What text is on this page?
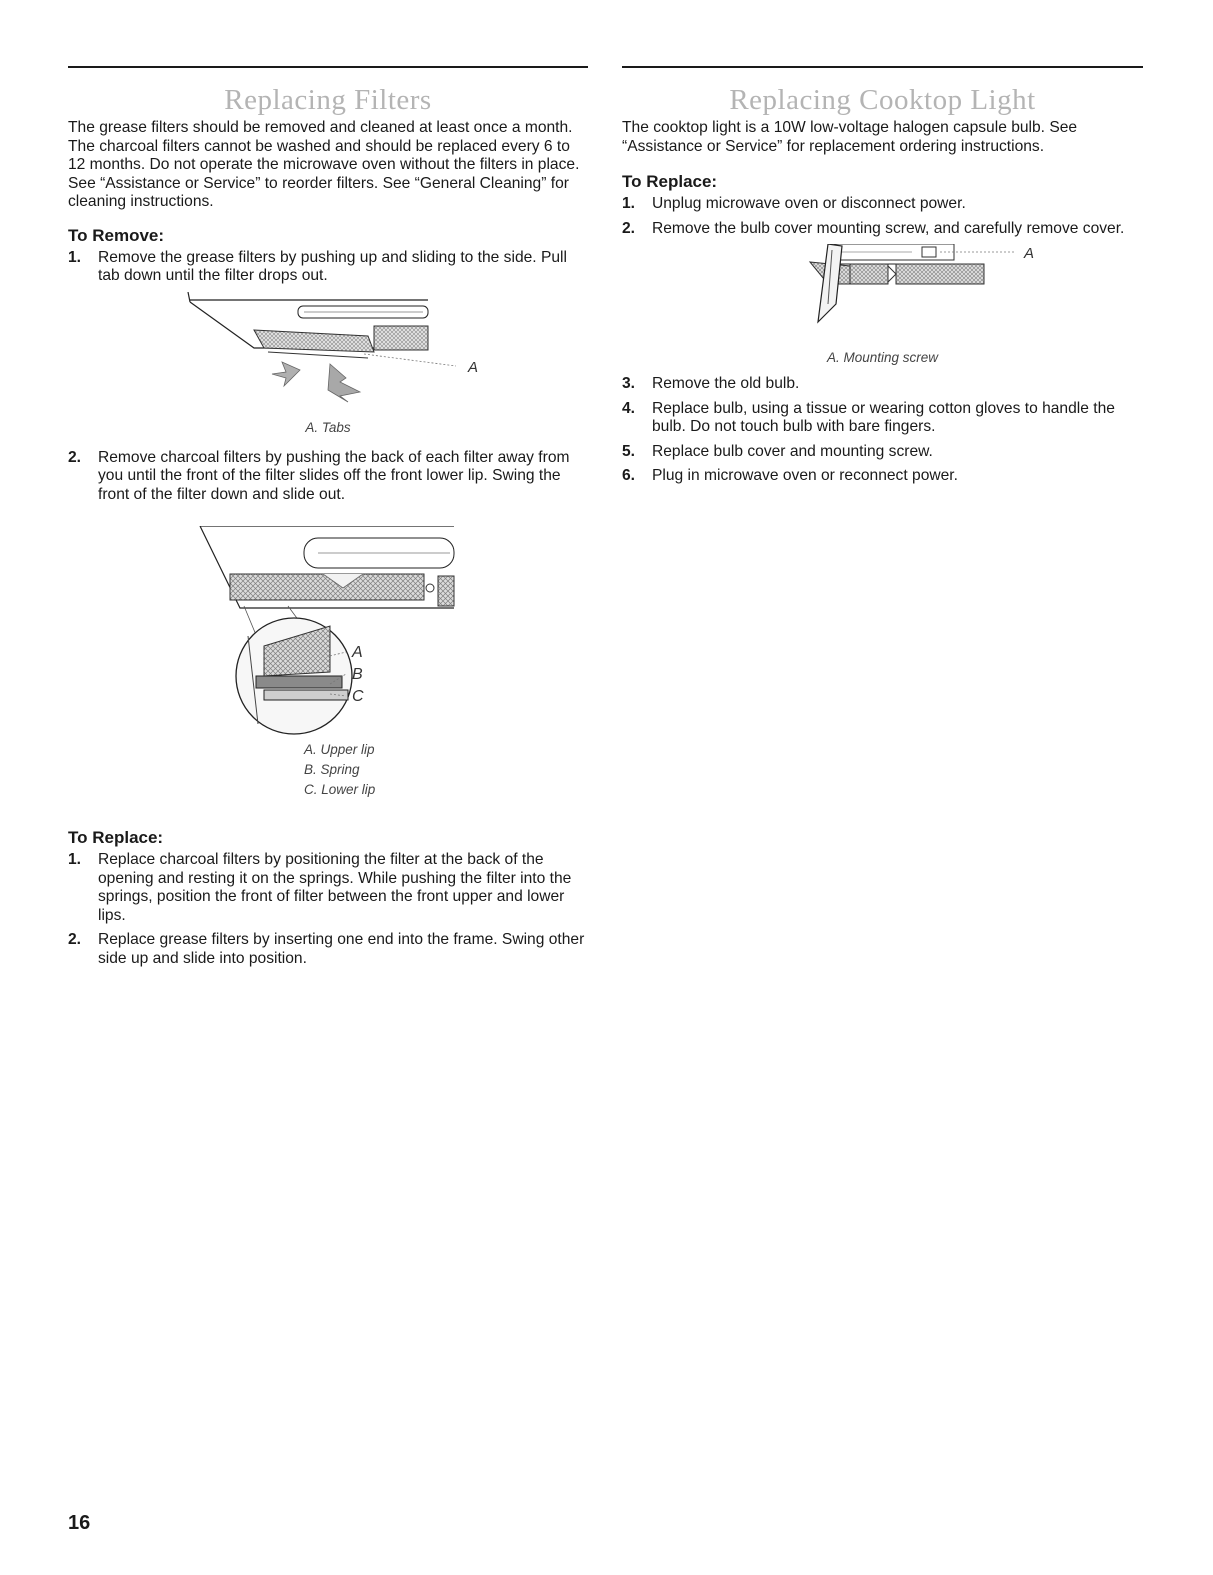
Replacing Filters

The grease filters should be removed and cleaned at least once a month. The charcoal filters cannot be washed and should be replaced every 6 to 12 months. Do not operate the microwave oven without the filters in place. See “Assistance or Service” to reorder filters. See “General Cleaning” for cleaning instructions.

To Remove:
1. Remove the grease filters by pushing up and sliding to the side. Pull tab down until the filter drops out.
A
A. Tabs
2. Remove charcoal filters by pushing the back of each filter away from you until the front of the filter slides off the front lower lip. Swing the front of the filter down and slide out.
A
B
C
A. Upper lip
B. Spring
C. Lower lip
To Replace:
1. Replace charcoal filters by positioning the filter at the back of the opening and resting it on the springs. While pushing the filter into the springs, position the front of filter between the front upper and lower lips.
2. Replace grease filters by inserting one end into the frame. Swing other side up and slide into position.
Replacing Cooktop Light

The cooktop light is a 10W low-voltage halogen capsule bulb. See “Assistance or Service” for replacement ordering instructions.

To Replace:
1. Unplug microwave oven or disconnect power.
2. Remove the bulb cover mounting screw, and carefully remove cover.
A
A. Mounting screw
3. Remove the old bulb.
4. Replace bulb, using a tissue or wearing cotton gloves to handle the bulb. Do not touch bulb with bare fingers.
5. Replace bulb cover and mounting screw.
6. Plug in microwave oven or reconnect power.
16
